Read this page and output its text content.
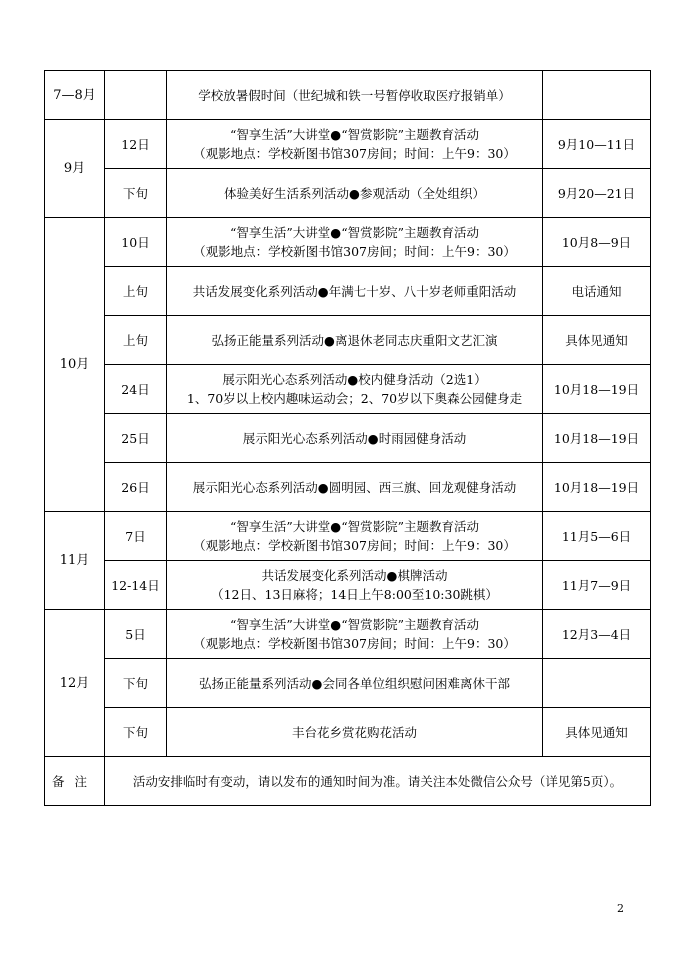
7—8月		学校放暑假时间（世纪城和铁一号暂停收取医疗报销单）	

9月	12日	“智享生活”大讲堂●“智赏影院”主题教育活动
（观影地点：学校新图书馆307房间；时间：上午9：30）	9月10—11日
	下旬	体验美好生活系列活动●参观活动（全处组织）	9月20—21日
10月	10日	“智享生活”大讲堂●“智赏影院”主题教育活动
（观影地点：学校新图书馆307房间；时间：上午9：30）	10月8—9日
	上旬	共话发展变化系列活动●年满七十岁、八十岁老师重阳活动	电话通知
	上旬	弘扬正能量系列活动●离退休老同志庆重阳文艺汇演	具体见通知
	24日	展示阳光心态系列活动●校内健身活动（2选1）
1、70岁以上校内趣味运动会；2、70岁以下奥森公园健身走	10月18—19日
	25日	展示阳光心态系列活动●时雨园健身活动	10月18—19日
	26日	展示阳光心态系列活动●圆明园、西三旗、回龙观健身活动	10月18—19日
11月	7日	“智享生活”大讲堂●“智赏影院”主题教育活动
（观影地点：学校新图书馆307房间；时间：上午9：30）	11月5—6日
	12-14日	共话发展变化系列活动●棋牌活动
（12日、13日麻将；14日上午8:00至10:30跳棋）	11月7—9日
12月	5日	“智享生活”大讲堂●“智赏影院”主题教育活动
（观影地点：学校新图书馆307房间；时间：上午9：30）	12月3—4日
	下旬	弘扬正能量系列活动●会同各单位组织慰问困难离休干部	

	下旬	丰台花乡赏花购花活动	具体见通知
备注	活动安排临时有变动，请以发布的通知时间为准。请关注本处微信公众号（详见第5页）。		
2
